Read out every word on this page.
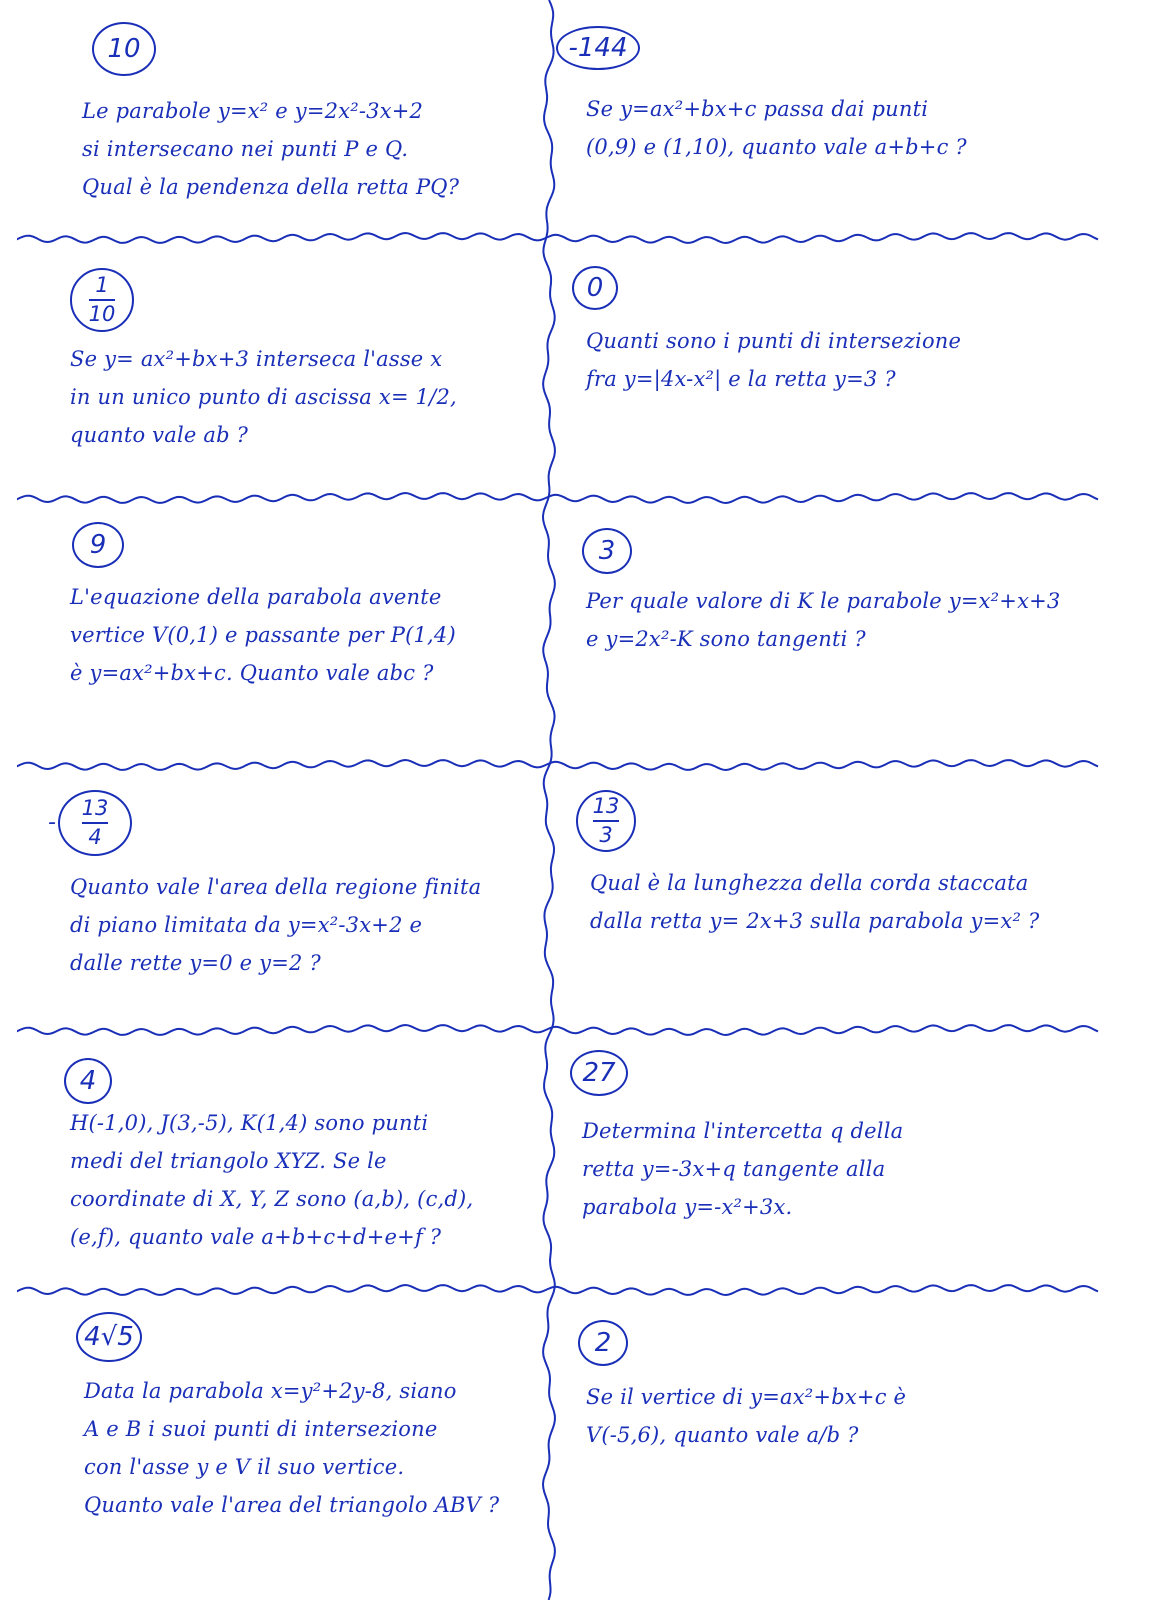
10
Le parabole y=x² e y=2x²-3x+2
si intersecano nei punti P e Q.
Qual è la pendenza della retta PQ?
-144
Se y=ax²+bx+c passa dai punti
(0,9) e (1,10), quanto vale a+b+c ?
1
10
Se y= ax²+bx+3 interseca l'asse x
in un unico punto di ascissa x= 1/2,
quanto vale ab ?
0
Quanti sono i punti di intersezione
fra y=|4x-x²| e la retta y=3 ?
9
L'equazione della parabola avente
vertice V(0,1) e passante per P(1,4)
è y=ax²+bx+c. Quanto vale abc ?
3
Per quale valore di K le parabole y=x²+x+3
e y=2x²-K sono tangenti ?
-
13
4
Quanto vale l'area della regione finita
di piano limitata da y=x²-3x+2 e
dalle rette y=0 e y=2 ?
13
3
Qual è la lunghezza della corda staccata
dalla retta y= 2x+3 sulla parabola y=x² ?
4
H(-1,0), J(3,-5), K(1,4) sono punti
medi del triangolo XYZ. Se le
coordinate di X, Y, Z sono (a,b), (c,d),
(e,f), quanto vale a+b+c+d+e+f ?
27
Determina l'intercetta q della
retta y=-3x+q tangente alla
parabola y=-x²+3x.
4√5
Data la parabola x=y²+2y-8, siano
A e B i suoi punti di intersezione
con l'asse y e V il suo vertice.
Quanto vale l'area del triangolo ABV ?
2
Se il vertice di y=ax²+bx+c è
V(-5,6), quanto vale a/b ?
